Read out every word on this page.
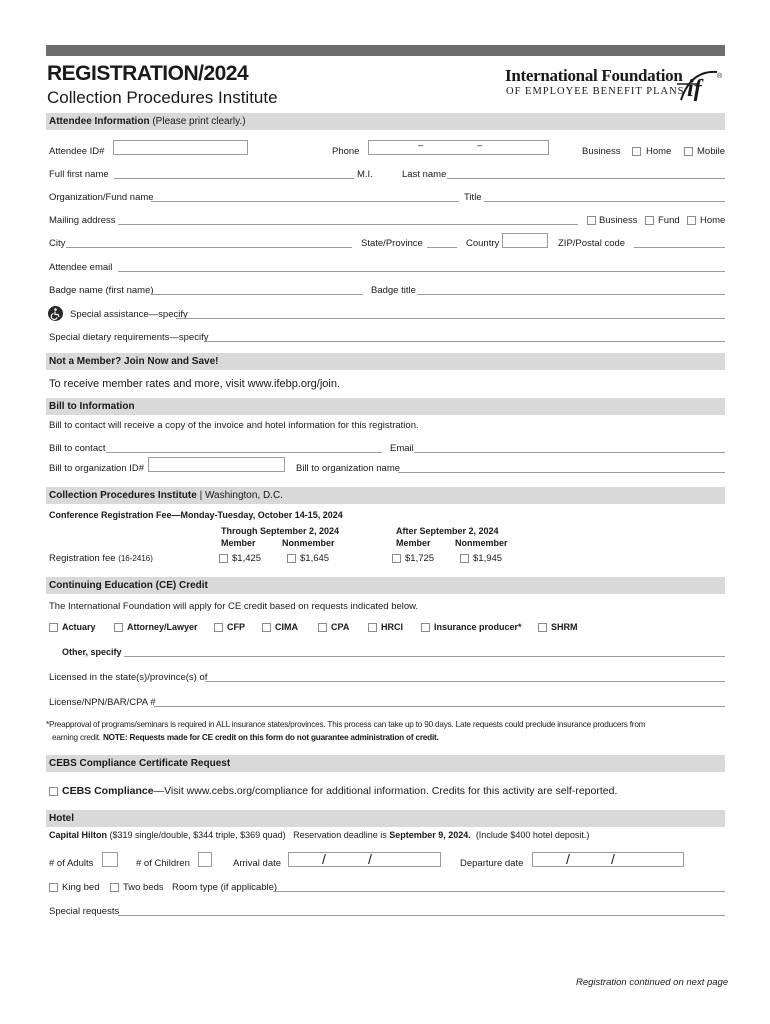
REGISTRATION/2024
Collection Procedures Institute
International Foundation
OF EMPLOYEE BENEFIT PLANS if ®
Attendee Information (Please print clearly.)
Attendee ID#	Phone
–	–
Business	Home	Mobile
Full first name	M.I.	Last name
Organization/Fund name	Title
Mailing address	Business Fund Home
City	State/Province	Country	ZIP/Postal code
Attendee email
Badge name (first name)	Badge title
Special assistance—specify
Special dietary requirements—specify
Not a Member? Join Now and Save!
To receive member rates and more, visit www.ifebp.org/join.
Bill to Information
Bill to contact will receive a copy of the invoice and hotel information for this registration.
Bill to contact	Email
Bill to organization ID#	Bill to organization name
Collection Procedures Institute | Washington, D.C.
Conference Registration Fee—Monday-Tuesday, October 14-15, 2024
Through September 2, 2024	After September 2, 2024
Member	Nonmember	Member	Nonmember
Registration fee (16-2416)	$1,425	$1,645	$1,725	$1,945
Continuing Education (CE) Credit
The International Foundation will apply for CE credit based on requests indicated below.
Actuary	Attorney/Lawyer	CFP	CIMA	CPA	HRCI	Insurance producer*	SHRM
Other, specify
Licensed in the state(s)/province(s) of
License/NPN/BAR/CPA #
*Preapproval of programs/seminars is required in ALL insurance states/provinces. This process can take up to 90 days. Late requests could preclude insurance producers from
earning credit. NOTE: Requests made for CE credit on this form do not guarantee administration of credit.
CEBS Compliance Certificate Request
CEBS Compliance—Visit www.cebs.org/compliance for additional information. Credits for this activity are self-reported.
Hotel
Capital Hilton ($319 single/double, $344 triple, $369 quad) Reservation deadline is September 9, 2024. (Include $400 hotel deposit.)
# of Adults	# of Children	Arrival date	/	/	Departure date	/	/
King bed Two beds Room type (if applicable)
Special requests
Registration continued on next page
